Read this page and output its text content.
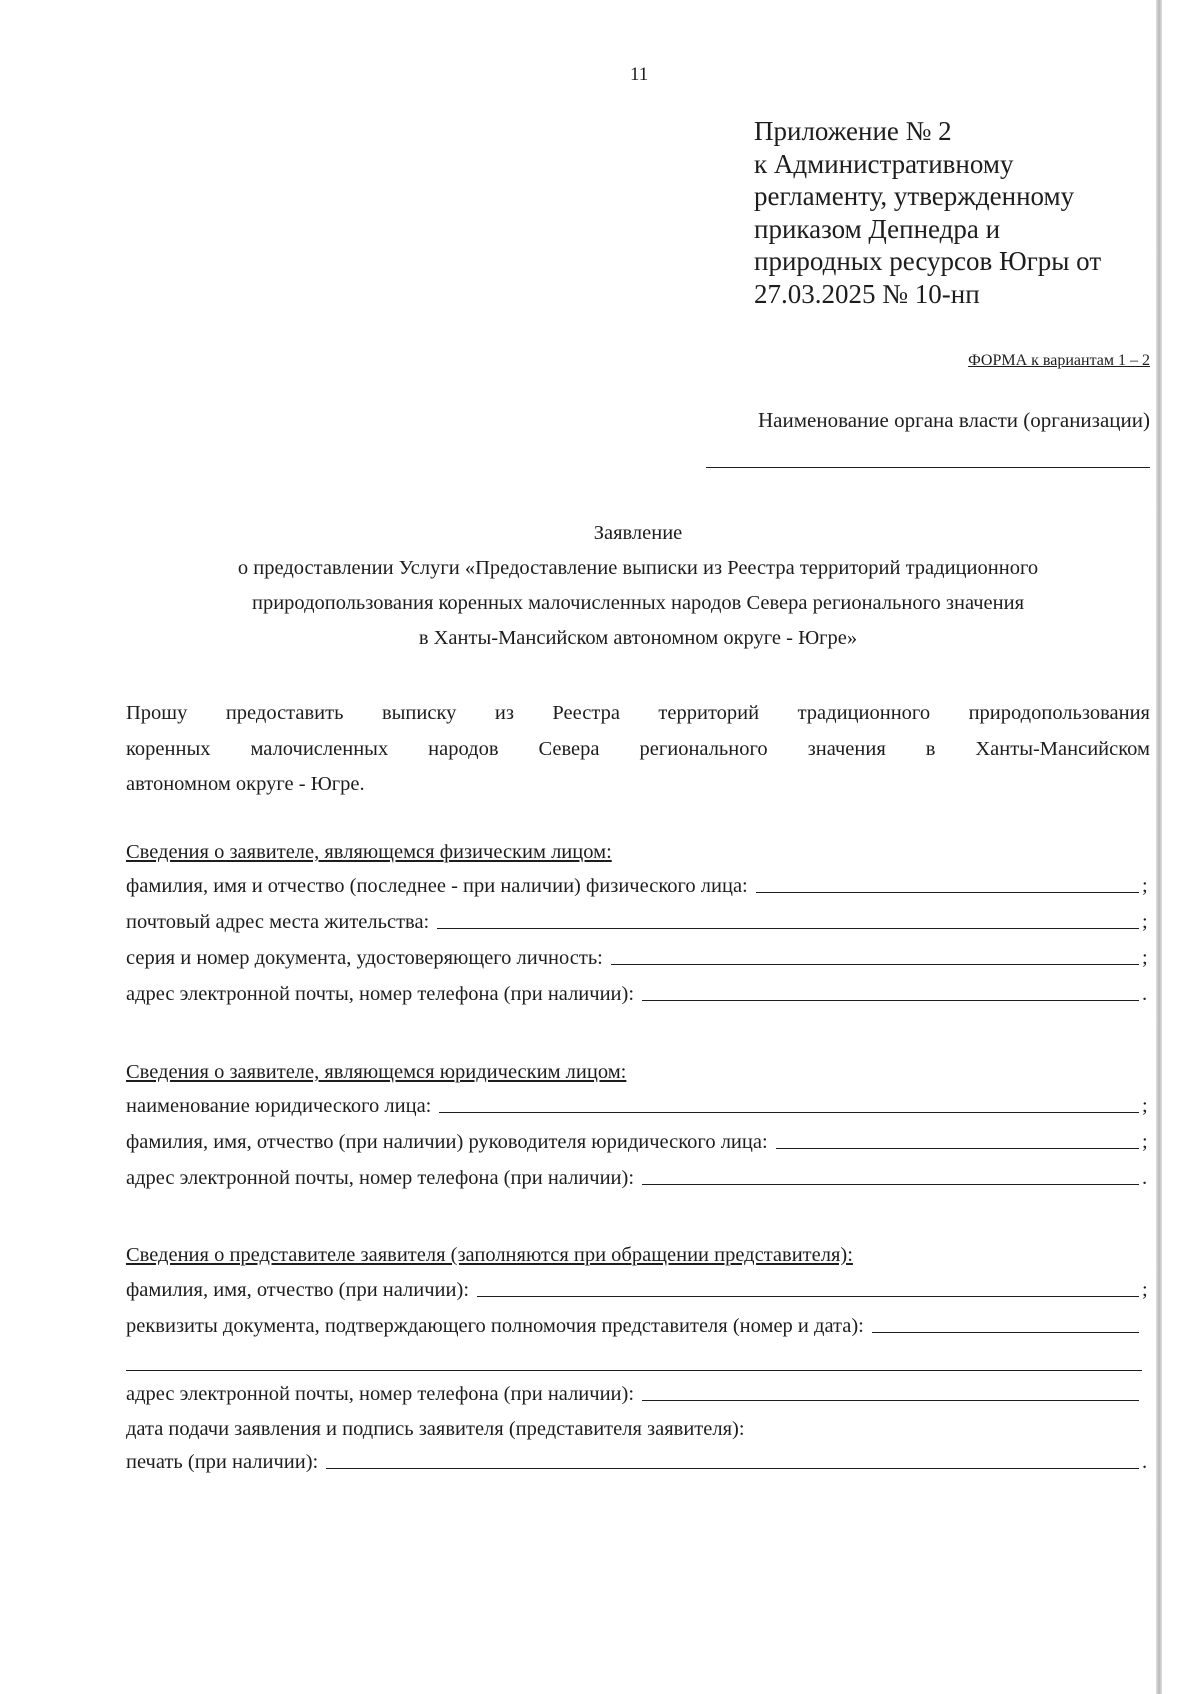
11
Приложение № 2
к Административному
регламенту, утвержденному
приказом Депнедра и
природных ресурсов Югры от
27.03.2025 № 10-нп
ФОРМА к вариантам 1 – 2
Наименование органа власти (организации)
Заявление
о предоставлении Услуги «Предоставление выписки из Реестра территорий традиционного
природопользования коренных малочисленных народов Севера регионального значения
в Ханты-Мансийском автономном округе - Югре»
Прошу предоставить выписку из Реестра территорий традиционного природопользования
коренных малочисленных народов Севера регионального значения в Ханты-Мансийском
автономном округе - Югре.
Сведения о заявителе, являющемся физическим лицом:
фамилия, имя и отчество (последнее - при наличии) физического лица:	;
почтовый адрес места жительства:	;
серия и номер документа, удостоверяющего личность:	;
адрес электронной почты, номер телефона (при наличии):	.
Сведения о заявителе, являющемся юридическим лицом:
наименование юридического лица:	;
фамилия, имя, отчество (при наличии) руководителя юридического лица:	;
адрес электронной почты, номер телефона (при наличии):	.
Сведения о представителе заявителя (заполняются при обращении представителя):
фамилия, имя, отчество (при наличии):	;
реквизиты документа, подтверждающего полномочия представителя (номер и дата):
адрес электронной почты, номер телефона (при наличии):
дата подачи заявления и подпись заявителя (представителя заявителя):
печать (при наличии):	.
